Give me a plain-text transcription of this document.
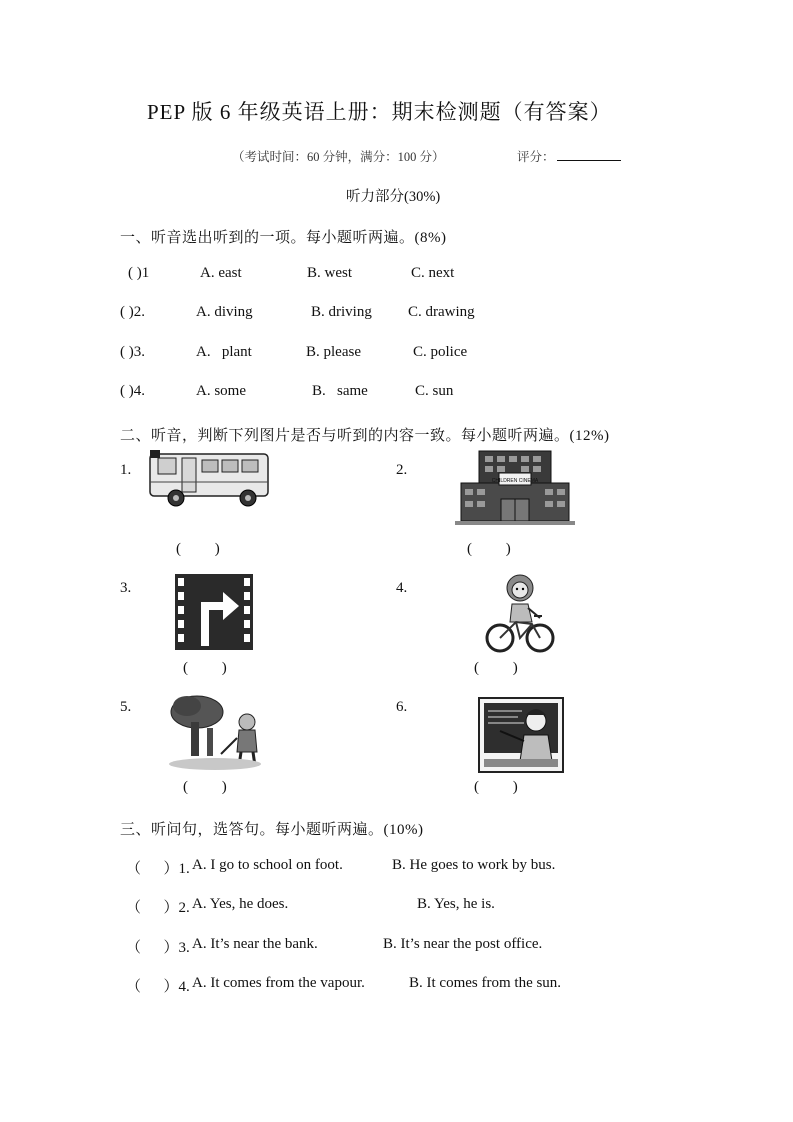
PEP 版 6 年级英语上册：期末检测题（有答案）
（考试时间：60 分钟，满分：100 分）	评分：
听力部分(30%)
一、听音选出听到的一项。每小题听两遍。(8%)
( )1	A. east	B. west	C. next
( )2.	A. diving	B. driving C. drawing
( )3.	A.   plant	B. please	C. police
( )4.	A. some	B.   same	C. sun
二、听音，判断下列图片是否与听到的内容一致。每小题听两遍。(12%)
1.
(         )
2.
CHILDREN CINEMA
(         )
3.
(         )
4.
(         )
5.
(         )
6.
(         )
三、听问句，选答句。每小题听两遍。(10%)
（      ）1. A. I go to school on foot.	B. He goes to work by bus.
（      ）2. A. Yes, he does.	B. Yes, he is.
（      ）3. A. It’s near the bank.	B. It’s near the post office.
（      ）4. A. It comes from the vapour.	B. It comes from the sun.
